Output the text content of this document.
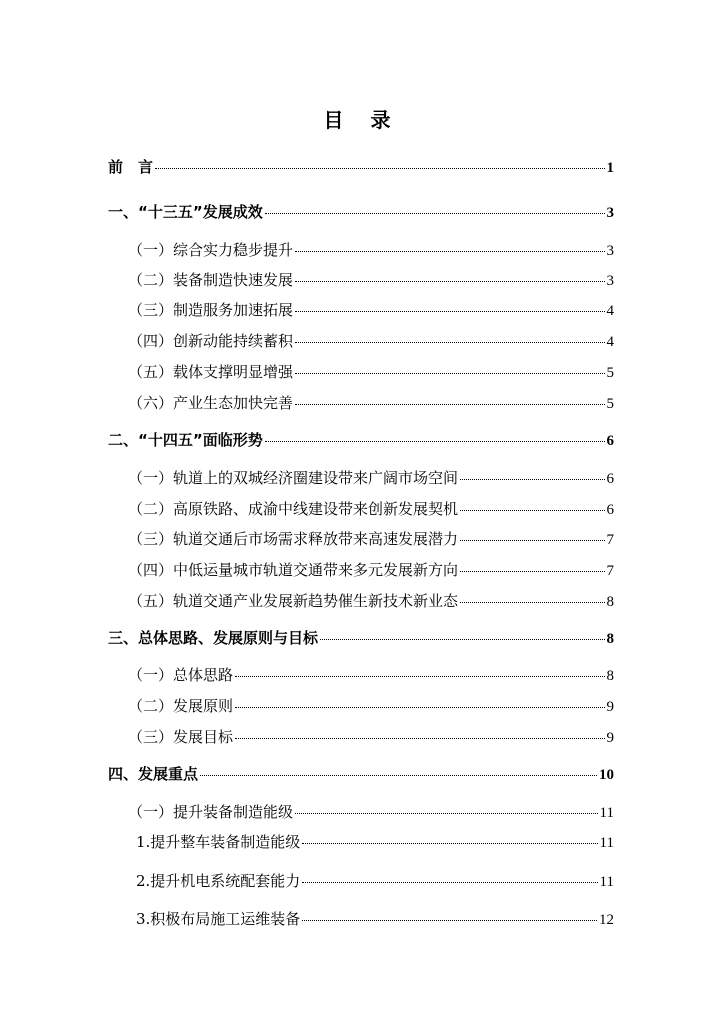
目 录
前　言	1
一、“十三五”发展成效	3
（一）综合实力稳步提升	3
（二）装备制造快速发展	3
（三）制造服务加速拓展	4
（四）创新动能持续蓄积	4
（五）载体支撑明显增强	5
（六）产业生态加快完善	5
二、“十四五”面临形势	6
（一）轨道上的双城经济圈建设带来广阔市场空间	6
（二）高原铁路、成渝中线建设带来创新发展契机	6
（三）轨道交通后市场需求释放带来高速发展潜力	7
（四）中低运量城市轨道交通带来多元发展新方向	7
（五）轨道交通产业发展新趋势催生新技术新业态	8
三、总体思路、发展原则与目标	8
（一）总体思路	8
（二）发展原则	9
（三）发展目标	9
四、发展重点	10
（一）提升装备制造能级	11
1.提升整车装备制造能级	11
2.提升机电系统配套能力	11
3.积极布局施工运维装备	12
